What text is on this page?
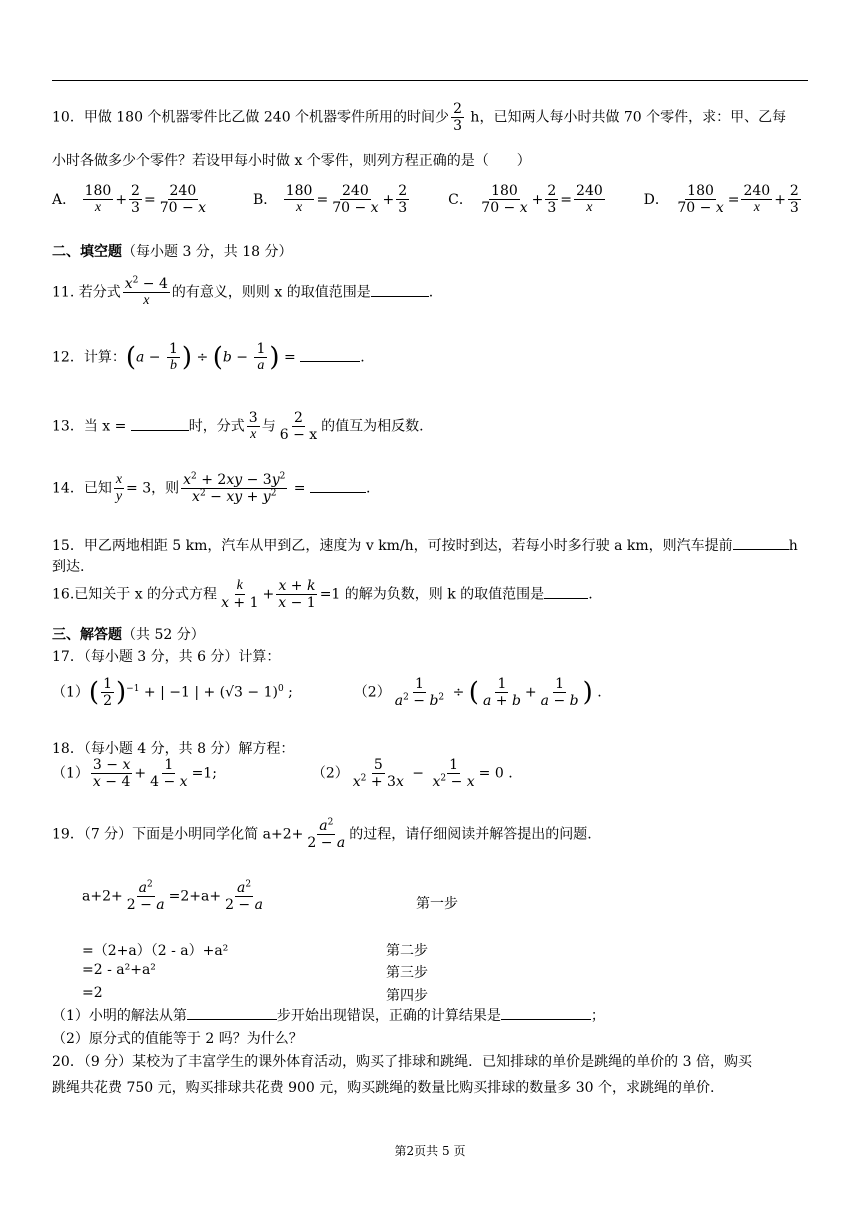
10．甲做 180 个机器零件比乙做 240 个机器零件所用的时间少 $\frac{2}{3}$ h，已知两人每小时共做 70 个零件，求：甲、乙每
小时各做多少个零件？若设甲每小时做 x 个零件，则列方程正确的是（　　）
A． $\frac{180}{x} + \frac{2}{3} = \frac{240}{70 - x}$	B． $\frac{180}{x} = \frac{240}{70 - x} + \frac{2}{3}$	C． $\frac{180}{70 - x} + \frac{2}{3} = \frac{240}{x}$	D． $\frac{180}{70 - x} = \frac{240}{x} + \frac{2}{3}$
二、填空题（每小题 3 分，共 18 分）
11. 若分式 $\frac{x^2 - 4}{x}$ 的有意义，则则 x 的取值范围是	.
12．计算：($a - \frac{1}{b}$ ) ÷ ($b - \frac{1}{a}$ ) =	.
13．当 x =	时，分式 $\frac{3}{x}$ 与 $\frac{2}{6 - x}$ 的值互为相反数.
14．已知 $\frac{x}{y} = 3$，则 $\frac{x^2 + 2xy - 3y^2}{x^2 - xy + y^2}$ =	.
15．甲乙两地相距 5 km，汽车从甲到乙，速度为 v km/h，可按时到达，若每小时多行驶 a km，则汽车提前	h
到达.
16.已知关于 x 的分式方程 $\frac{k}{x + 1} + \frac{x + k}{x - 1} =1$ 的解为负数，则 k 的取值范围是	.
三、解答题（共 52 分）
17．（每小题 3 分，共 6 分）计算：
$(1)( \frac{1}{2} )^{-1}$ + | −1 | + $(√3 - 1)^0$ ;	$(2) \frac{1}{a^2 - b^2}$ ÷ ( $\frac{1}{a + b} + \frac{1}{a - b}$ ) .
18．（每小题 4 分，共 8 分）解方程：
$(1) \frac{3 - x}{x - 4} + \frac{1}{4 - x} =1$;	$(2) \frac{5}{x^2 + 3x} - \frac{1}{x^2 - x} = 0$ .
19．（7 分）下面是小明同学化简 $a+2+ \frac{a^2}{2 - a}$ 的过程，请仔细阅读并解答提出的问题.
$a+2+ \frac{a^2}{2 - a} =2+a+ \frac{a^2}{2 - a}$	第一步
=（2+a）（2 - a）+a²	第二步
=2 - a²+a²	第三步
=2	第四步
（1）小明的解法从第	步开始出现错误，正确的计算结果是	；
（2）原分式的值能等于 2 吗？为什么？
20．（9 分）某校为了丰富学生的课外体育活动，购买了排球和跳绳．已知排球的单价是跳绳的单价的 3 倍，购买
跳绳共花费 750 元，购买排球共花费 900 元，购买跳绳的数量比购买排球的数量多 30 个，求跳绳的单价.
第2页共 5 页
